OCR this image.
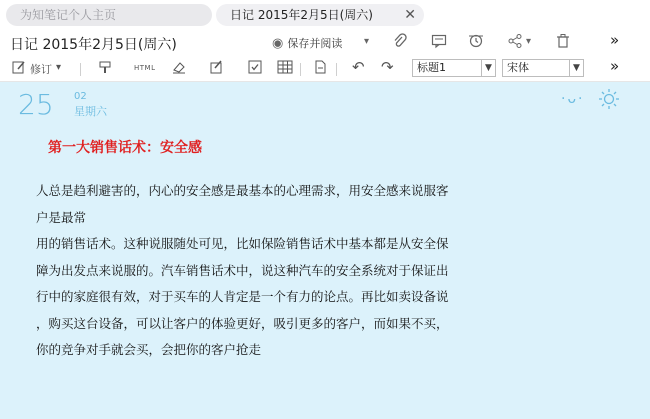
为知笔记个人主页	日记 2015年2月5日(周六) ✕
日记 2015年2月5日(周六)	◉ 保存并阅读 ▾	▾	»
修订 ▾	HTML	↶ ↷	标题1	▼	宋体	▼ »
25 02
星期六
·ᴗ·
第一大销售话术：安全感

人总是趋利避害的，内心的安全感是最基本的心理需求，用安全感来说服客

户是最常

用的销售话术。这种说服随处可见，比如保险销售话术中基本都是从安全保

障为出发点来说服的。汽车销售话术中，说这种汽车的安全系统对于保证出

行中的家庭很有效，对于买车的人肯定是一个有力的论点。再比如卖设备说

，购买这台设备，可以让客户的体验更好，吸引更多的客户，而如果不买，

你的竞争对手就会买，会把你的客户抢走
